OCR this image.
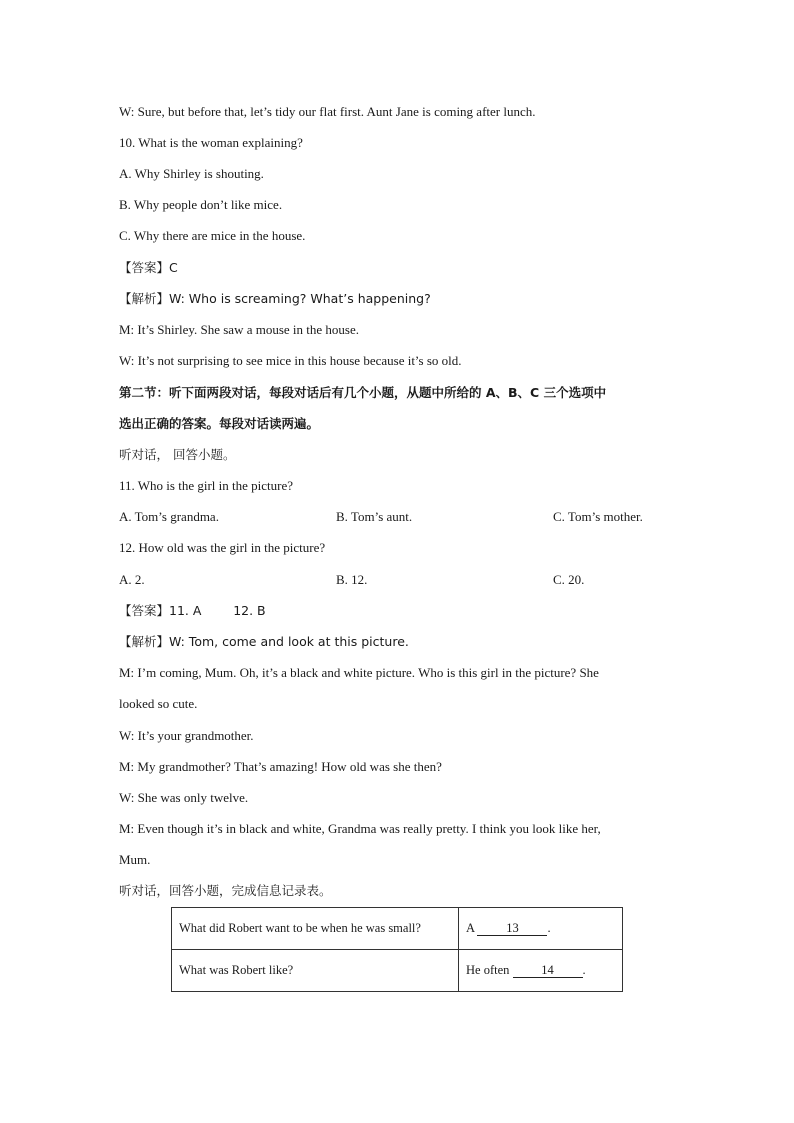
W: Sure, but before that, let’s tidy our flat first. Aunt Jane is coming after lunch.
10. What is the woman explaining?
A. Why Shirley is shouting.
B. Why people don’t like mice.
C. Why there are mice in the house.
【答案】C
【解析】W: Who is screaming? What’s happening?
M: It’s Shirley. She saw a mouse in the house.
W: It’s not surprising to see mice in this house because it’s so old.
第二节：听下面两段对话，每段对话后有几个小题，从题中所给的 A、B、C 三个选项中
选出正确的答案。每段对话读两遍。
听对话， 回答小题。
11. Who is the girl in the picture?
A. Tom’s grandma.	B. Tom’s aunt.	C. Tom’s mother.
12. How old was the girl in the picture?
A. 2.	B. 12.	C. 20.
【答案】11. A        12. B
【解析】W: Tom, come and look at this picture.
M: I’m coming, Mum. Oh, it’s a black and white picture. Who is this girl in the picture? She
looked so cute.
W: It’s your grandmother.
M: My grandmother? That’s amazing! How old was she then?
W: She was only twelve.
M: Even though it’s in black and white, Grandma was really pretty. I think you look like her,
Mum.
听对话，回答小题，完成信息记录表。
What did Robert want to be when he was small?	A 13 .
What was Robert like?	He often 14 .
